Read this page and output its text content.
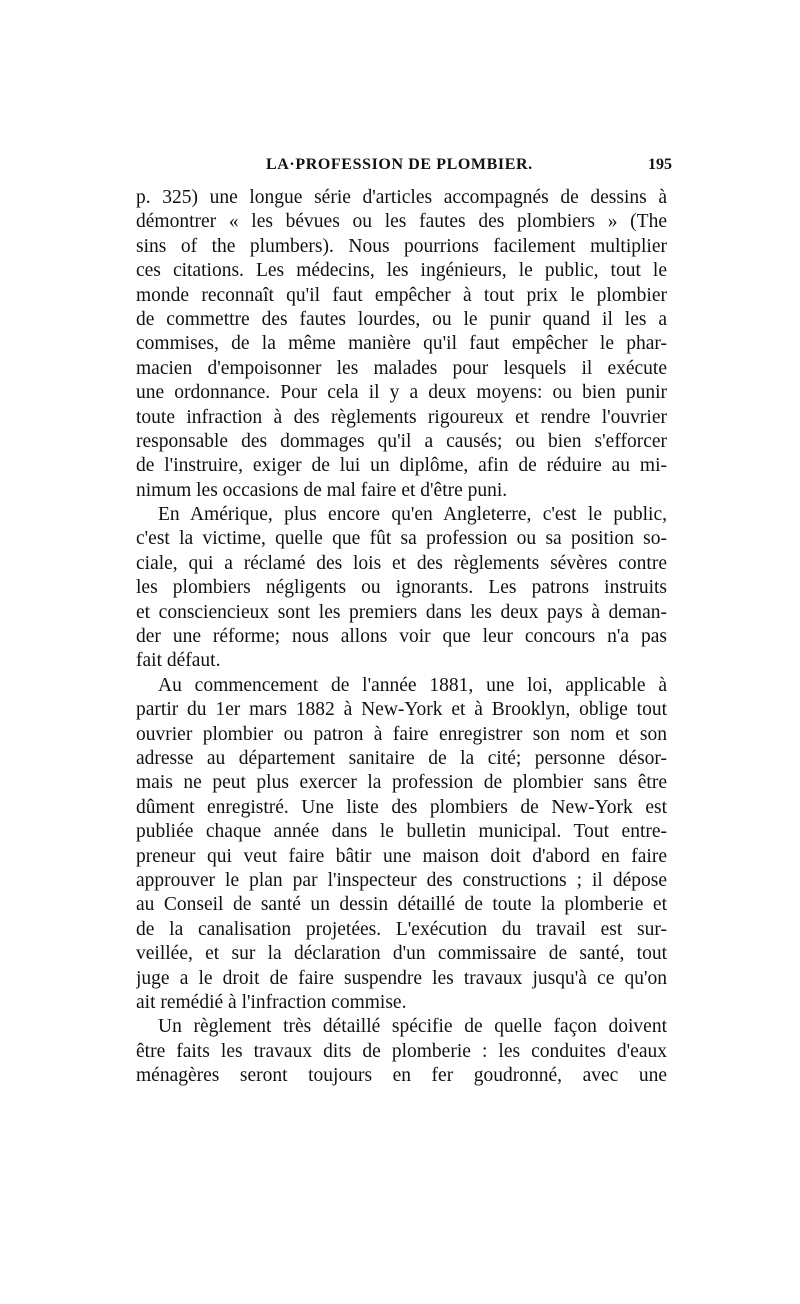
LA·PROFESSION DE PLOMBIER.	195
p. 325) une longue série d'articles accompagnés de dessins à
démontrer « les bévues ou les fautes des plombiers » (The
sins of the plumbers). Nous pourrions facilement multiplier
ces citations. Les médecins, les ingénieurs, le public, tout le
monde reconnaît qu'il faut empêcher à tout prix le plombier
de commettre des fautes lourdes, ou le punir quand il les a
commises, de la même manière qu'il faut empêcher le phar-
macien d'empoisonner les malades pour lesquels il exécute
une ordonnance. Pour cela il y a deux moyens: ou bien punir
toute infraction à des règlements rigoureux et rendre l'ouvrier
responsable des dommages qu'il a causés; ou bien s'efforcer
de l'instruire, exiger de lui un diplôme, afin de réduire au mi-
nimum les occasions de mal faire et d'être puni.
En Amérique, plus encore qu'en Angleterre, c'est le public,
c'est la victime, quelle que fût sa profession ou sa position so-
ciale, qui a réclamé des lois et des règlements sévères contre
les plombiers négligents ou ignorants. Les patrons instruits
et consciencieux sont les premiers dans les deux pays à deman-
der une réforme; nous allons voir que leur concours n'a pas
fait défaut.
Au commencement de l'année 1881, une loi, applicable à
partir du 1er mars 1882 à New-York et à Brooklyn, oblige tout
ouvrier plombier ou patron à faire enregistrer son nom et son
adresse au département sanitaire de la cité; personne désor-
mais ne peut plus exercer la profession de plombier sans être
dûment enregistré. Une liste des plombiers de New-York est
publiée chaque année dans le bulletin municipal. Tout entre-
preneur qui veut faire bâtir une maison doit d'abord en faire
approuver le plan par l'inspecteur des constructions ; il dépose
au Conseil de santé un dessin détaillé de toute la plomberie et
de la canalisation projetées. L'exécution du travail est sur-
veillée, et sur la déclaration d'un commissaire de santé, tout
juge a le droit de faire suspendre les travaux jusqu'à ce qu'on
ait remédié à l'infraction commise.
Un règlement très détaillé spécifie de quelle façon doivent
être faits les travaux dits de plomberie : les conduites d'eaux
ménagères seront toujours en fer goudronné, avec une
